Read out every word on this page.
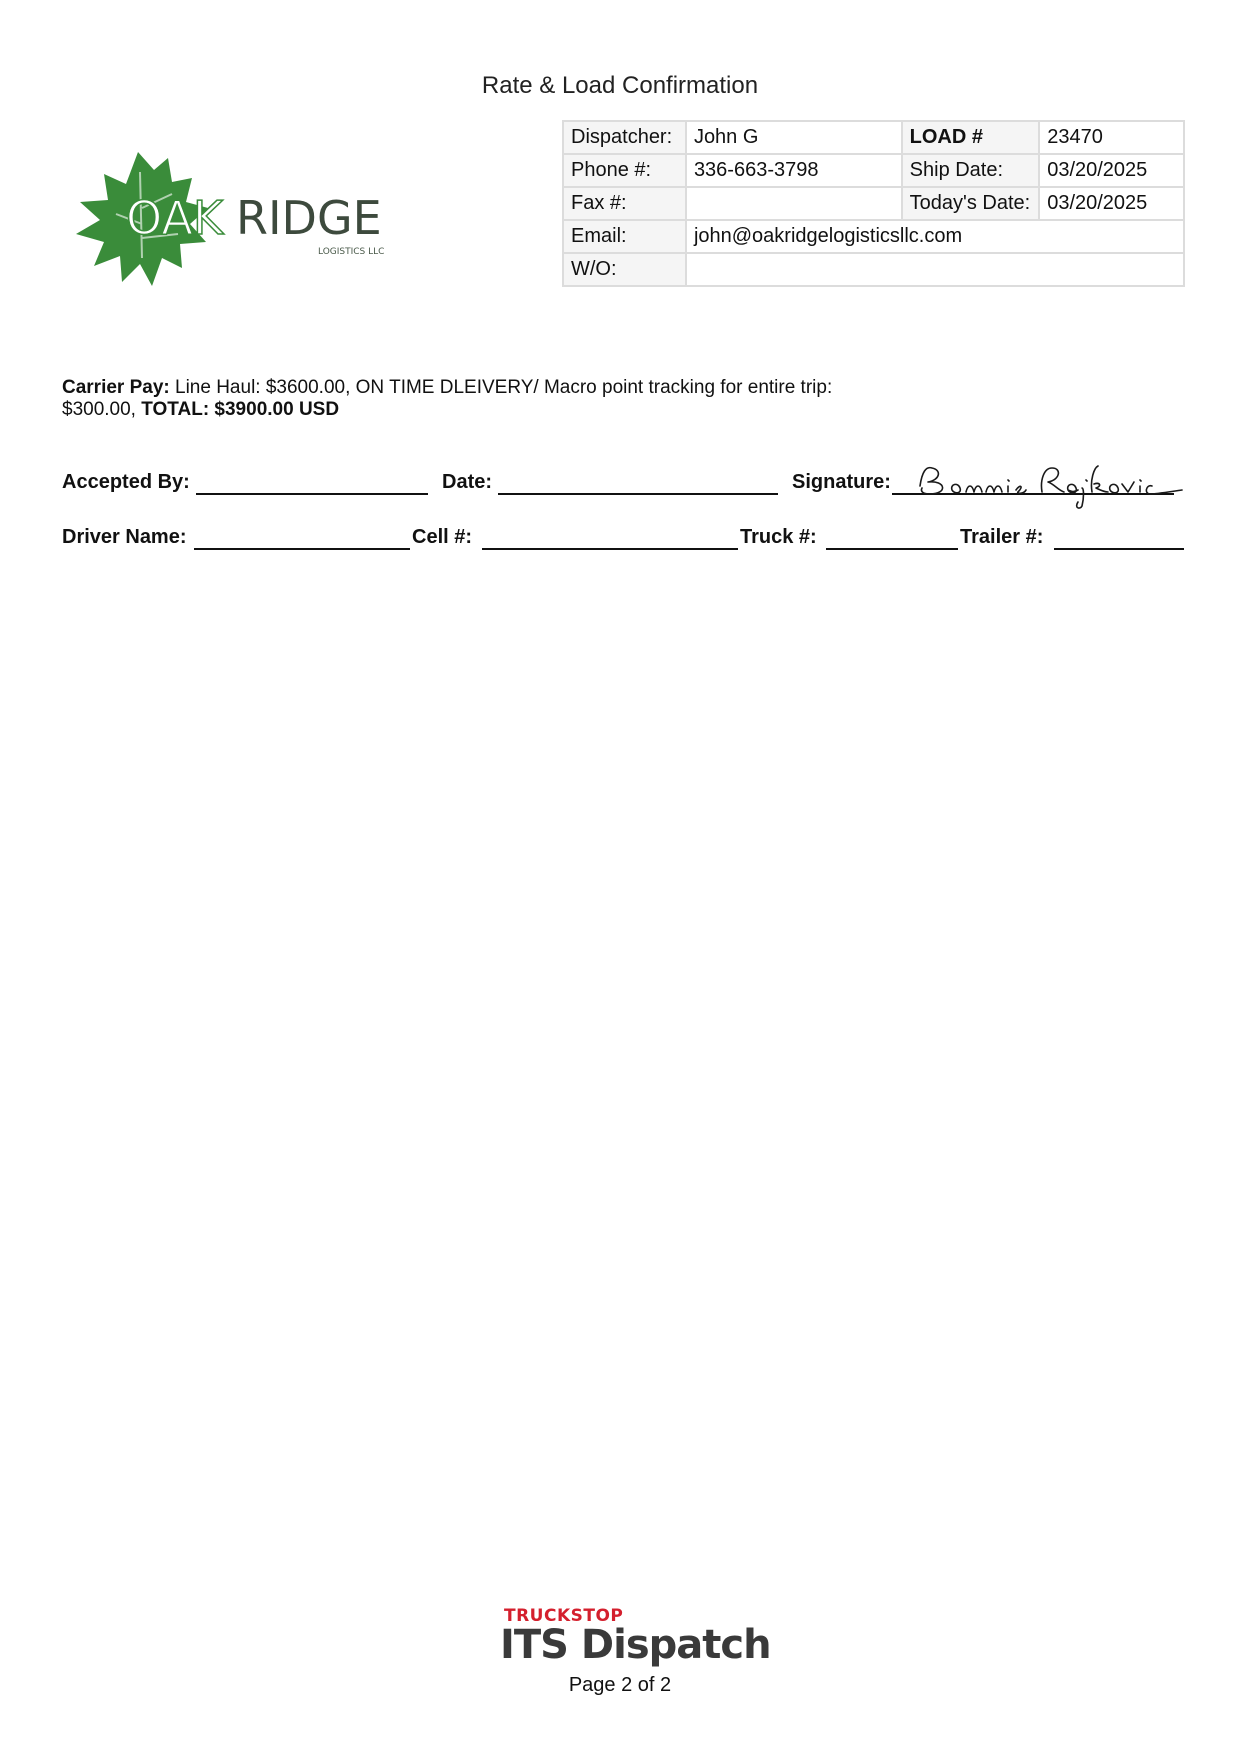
Rate & Load Confirmation
OAK RIDGE
LOGISTICS LLC
Dispatcher:	John G	LOAD #	23470
Phone #:	336-663-3798	Ship Date:	03/20/2025
Fax #:		Today's Date:	03/20/2025
Email:	john@oakridgelogisticsllc.com		
W/O:			
Carrier Pay: Line Haul: $3600.00, ON TIME DLEIVERY/ Macro point tracking for entire trip:
$300.00, TOTAL: $3900.00 USD
Accepted By:	Date:	Signature:
Driver Name:	Cell #:	Truck #:	Trailer #:
TRUCKSTOP
ITS Dispatch
Page 2 of 2
